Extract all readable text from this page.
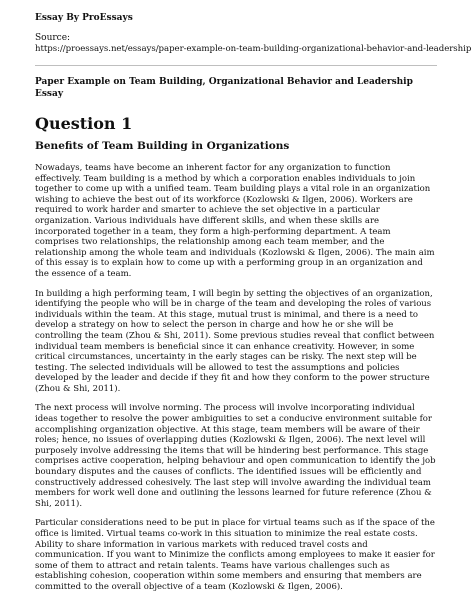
Essay By ProEssays
Source:
https://proessays.net/essays/paper-example-on-team-building-organizational-behavior-and-leadership
Paper Example on Team Building, Organizational Behavior and Leadership Essay
Question 1
Benefits of Team Building in Organizations

Nowadays, teams have become an inherent factor for any organization to function effectively. Team building is a method by which a corporation enables individuals to join together to come up with a unified team. Team building plays a vital role in an organization wishing to achieve the best out of its workforce (Kozlowski & Ilgen, 2006). Workers are required to work harder and smarter to achieve the set objective in a particular organization. Various individuals have different skills, and when these skills are incorporated together in a team, they form a high-performing department. A team comprises two relationships, the relationship among each team member, and the relationship among the whole team and individuals (Kozlowski & Ilgen, 2006). The main aim of this essay is to explain how to come up with a performing group in an organization and the essence of a team.

In building a high performing team, I will begin by setting the objectives of an organization, identifying the people who will be in charge of the team and developing the roles of various individuals within the team. At this stage, mutual trust is minimal, and there is a need to develop a strategy on how to select the person in charge and how he or she will be controlling the team (Zhou & Shi, 2011). Some previous studies reveal that conflict between individual team members is beneficial since it can enhance creativity. However, in some critical circumstances, uncertainty in the early stages can be risky. The next step will be testing. The selected individuals will be allowed to test the assumptions and policies developed by the leader and decide if they fit and how they conform to the power structure (Zhou & Shi, 2011).

The next process will involve norming. The process will involve incorporating individual ideas together to resolve the power ambiguities to set a conducive environment suitable for accomplishing organization objective. At this stage, team members will be aware of their roles; hence, no issues of overlapping duties (Kozlowski & Ilgen, 2006). The next level will purposely involve addressing the items that will be hindering best performance. This stage comprises active cooperation, helping behaviour and open communication to identify the job boundary disputes and the causes of conflicts. The identified issues will be efficiently and constructively addressed cohesively. The last step will involve awarding the individual team members for work well done and outlining the lessons learned for future reference (Zhou & Shi, 2011).

Particular considerations need to be put in place for virtual teams such as if the space of the office is limited. Virtual teams co-work in this situation to minimize the real estate costs. Ability to share information in various markets with reduced travel costs and communication. If you want to Minimize the conflicts among employees to make it easier for some of them to attract and retain talents. Teams have various challenges such as establishing cohesion, cooperation within some members and ensuring that members are committed to the overall objective of a team (Kozlowski & Ilgen, 2006).
